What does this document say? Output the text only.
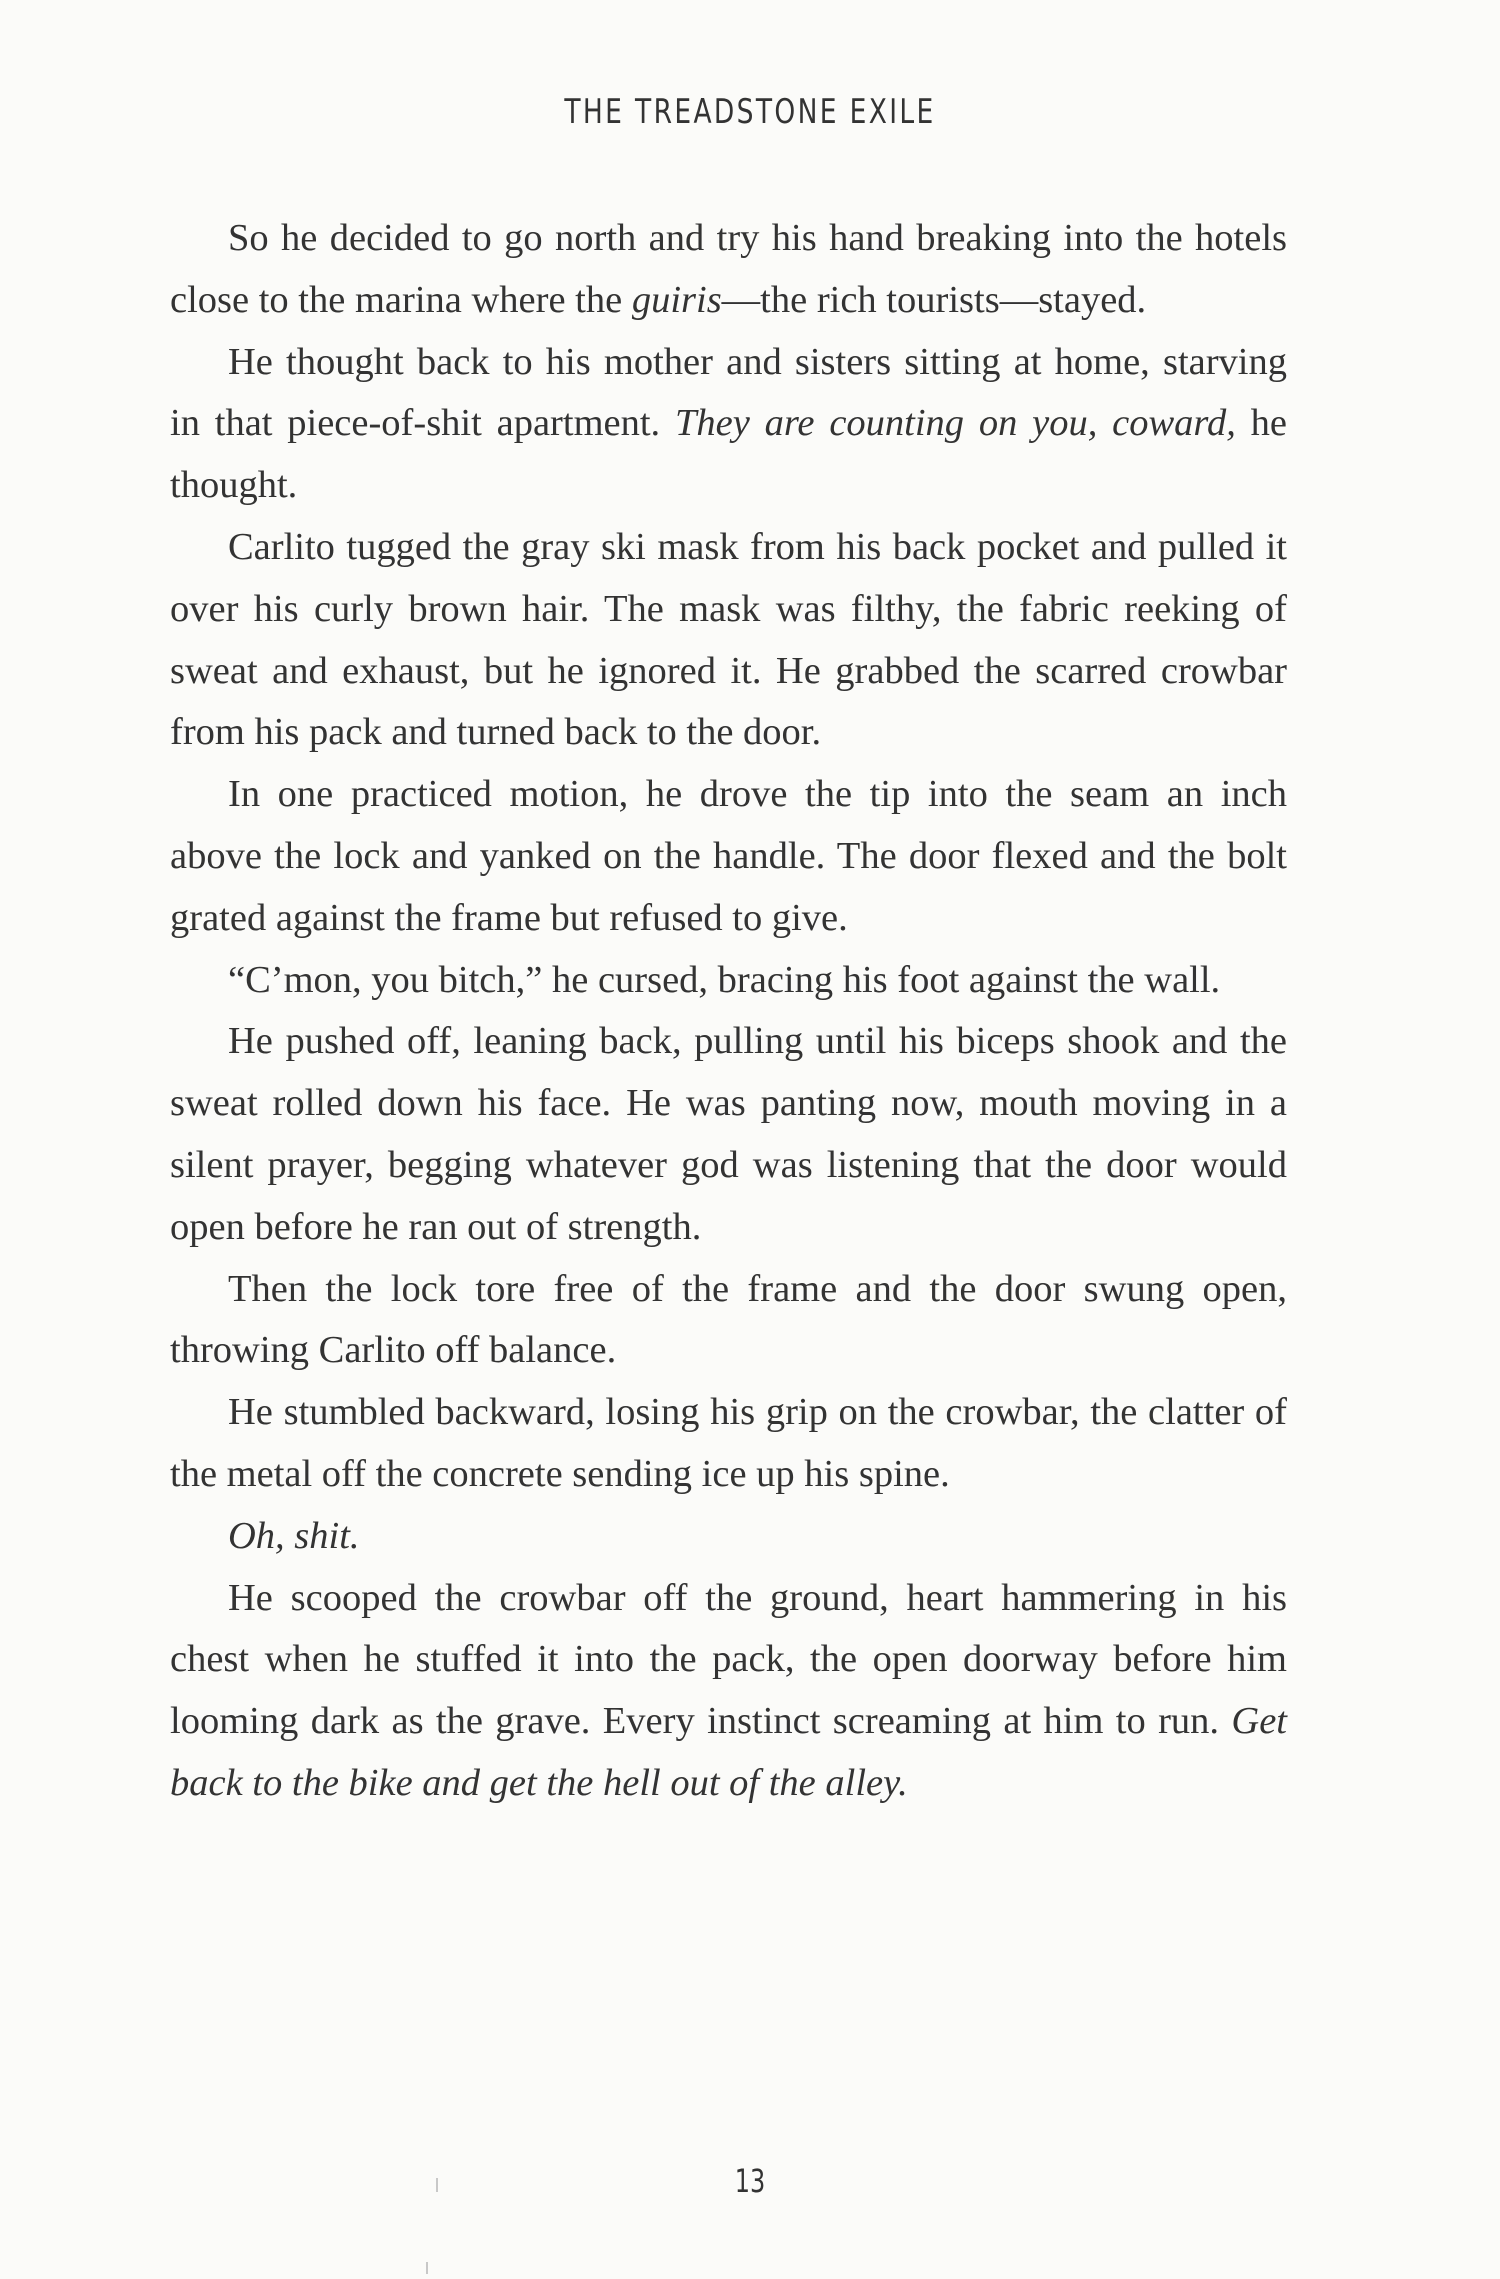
THE TREADSTONE EXILE

So he decided to go north and try his hand breaking into the hotels close to the marina where the guiris—the rich tourists—stayed.

He thought back to his mother and sisters sitting at home, starving in that piece-of-shit apartment. They are counting on you, coward, he thought.

Carlito tugged the gray ski mask from his back pocket and pulled it over his curly brown hair. The mask was filthy, the fabric reeking of sweat and exhaust, but he ignored it. He grabbed the scarred crowbar from his pack and turned back to the door.

In one practiced motion, he drove the tip into the seam an inch above the lock and yanked on the handle. The door flexed and the bolt grated against the frame but refused to give.

“C’mon, you bitch,” he cursed, bracing his foot against the wall.

He pushed off, leaning back, pulling until his biceps shook and the sweat rolled down his face. He was panting now, mouth moving in a silent prayer, begging whatever god was listening that the door would open before he ran out of strength.

Then the lock tore free of the frame and the door swung open, throwing Carlito off balance.

He stumbled backward, losing his grip on the crowbar, the clatter of the metal off the concrete sending ice up his spine.

Oh, shit.

He scooped the crowbar off the ground, heart hammering in his chest when he stuffed it into the pack, the open doorway before him looming dark as the grave. Every instinct screaming at him to run. Get back to the bike and get the hell out of the alley.

13
